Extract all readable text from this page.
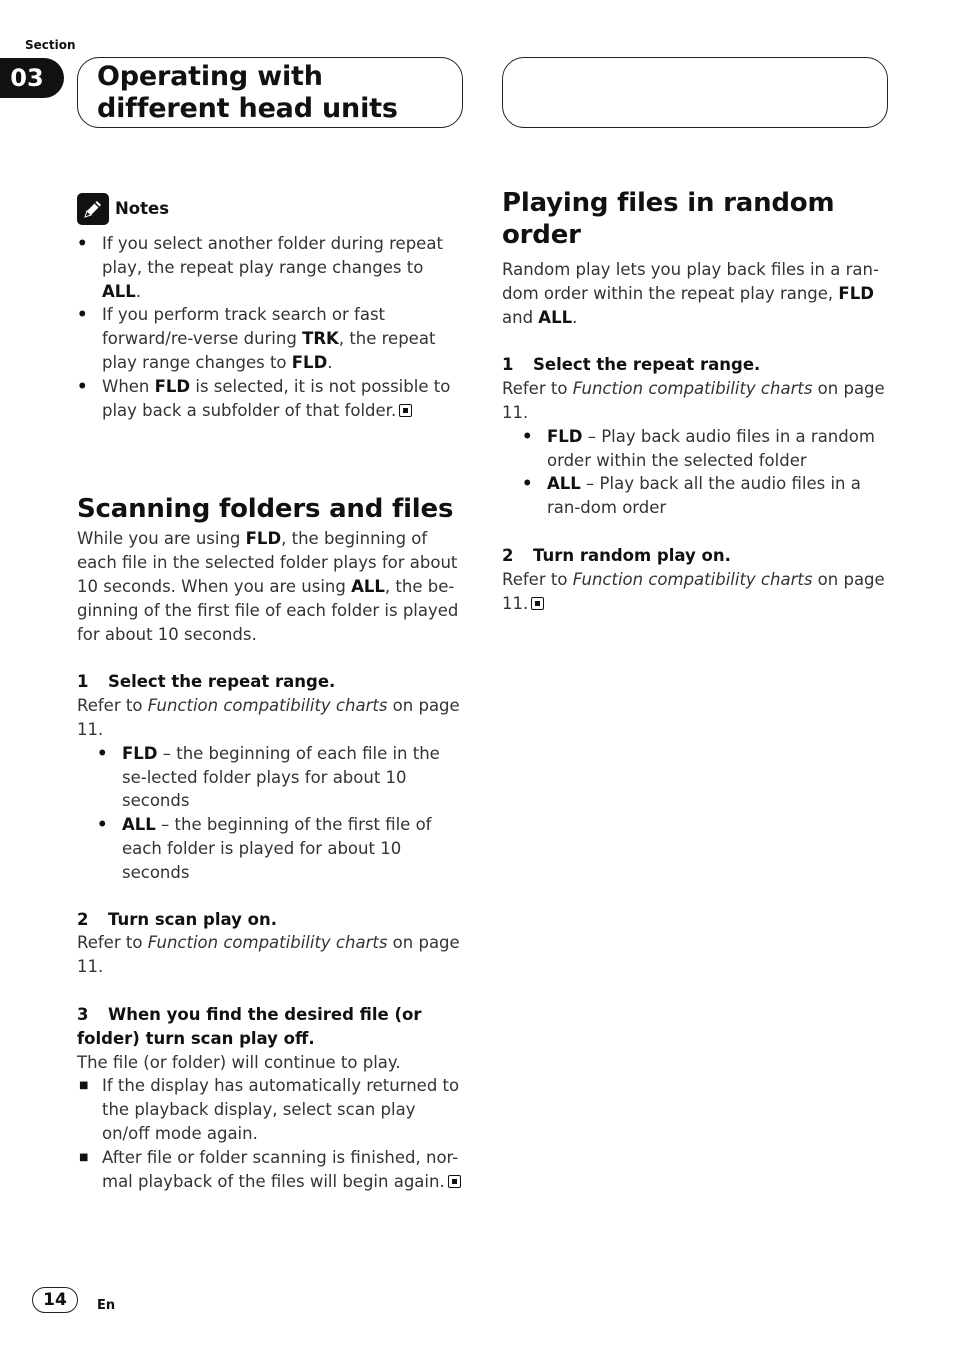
Section
03	Operating with different head units
Notes

• If you select another folder during repeat play, the repeat play range changes to ALL.

• If you perform track search or fast forward/re-verse during TRK, the repeat play range changes to FLD.

• When FLD is selected, it is not possible to play back a subfolder of that folder.

Scanning folders and files

While you are using FLD, the beginning of each file in the selected folder plays for about 10 seconds. When you are using ALL, the be-ginning of the first file of each folder is played for about 10 seconds.

1 Select the repeat range.

Refer to Function compatibility charts on page 11.

• FLD – the beginning of each file in the se-lected folder plays for about 10 seconds

• ALL – the beginning of the first file of each folder is played for about 10 seconds

2 Turn scan play on.

Refer to Function compatibility charts on page 11.

3 When you find the desired file (or folder) turn scan play off.

The file (or folder) will continue to play.

■ If the display has automatically returned to the playback display, select scan play on/off mode again.

■ After file or folder scanning is finished, nor-mal playback of the files will begin again.

Playing files in random order

Random play lets you play back files in a ran-dom order within the repeat play range, FLD and ALL.

1 Select the repeat range.

Refer to Function compatibility charts on page 11.

• FLD – Play back audio files in a random order within the selected folder

• ALL – Play back all the audio files in a ran-dom order

2 Turn random play on.

Refer to Function compatibility charts on page 11.

14	En
